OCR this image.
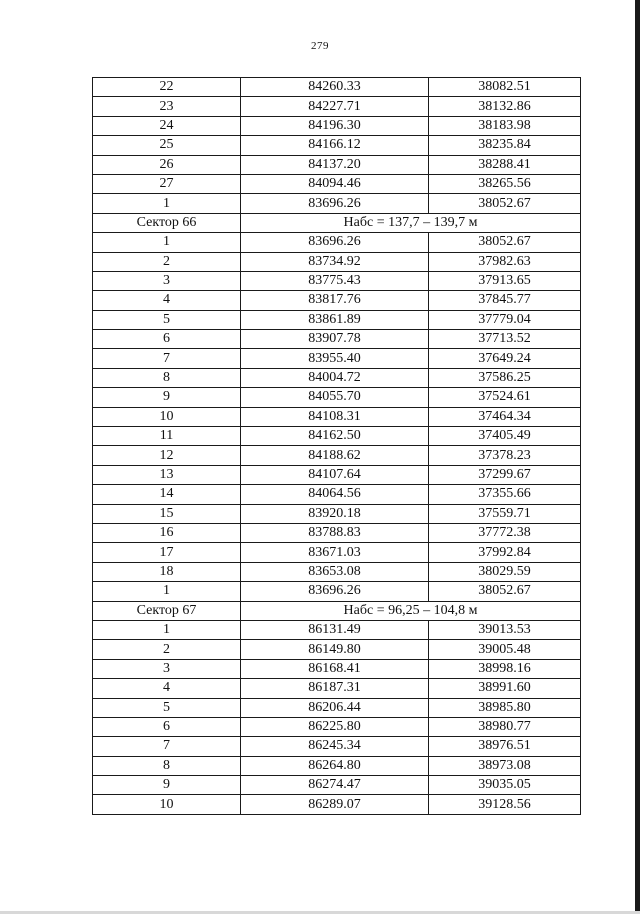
279
22	84260.33	38082.51
23	84227.71	38132.86
24	84196.30	38183.98
25	84166.12	38235.84
26	84137.20	38288.41
27	84094.46	38265.56
1	83696.26	38052.67
Сектор 66	Набс = 137,7 – 139,7 м	
1	83696.26	38052.67
2	83734.92	37982.63
3	83775.43	37913.65
4	83817.76	37845.77
5	83861.89	37779.04
6	83907.78	37713.52
7	83955.40	37649.24
8	84004.72	37586.25
9	84055.70	37524.61
10	84108.31	37464.34
11	84162.50	37405.49
12	84188.62	37378.23
13	84107.64	37299.67
14	84064.56	37355.66
15	83920.18	37559.71
16	83788.83	37772.38
17	83671.03	37992.84
18	83653.08	38029.59
1	83696.26	38052.67
Сектор 67	Набс = 96,25 – 104,8 м	
1	86131.49	39013.53
2	86149.80	39005.48
3	86168.41	38998.16
4	86187.31	38991.60
5	86206.44	38985.80
6	86225.80	38980.77
7	86245.34	38976.51
8	86264.80	38973.08
9	86274.47	39035.05
10	86289.07	39128.56
